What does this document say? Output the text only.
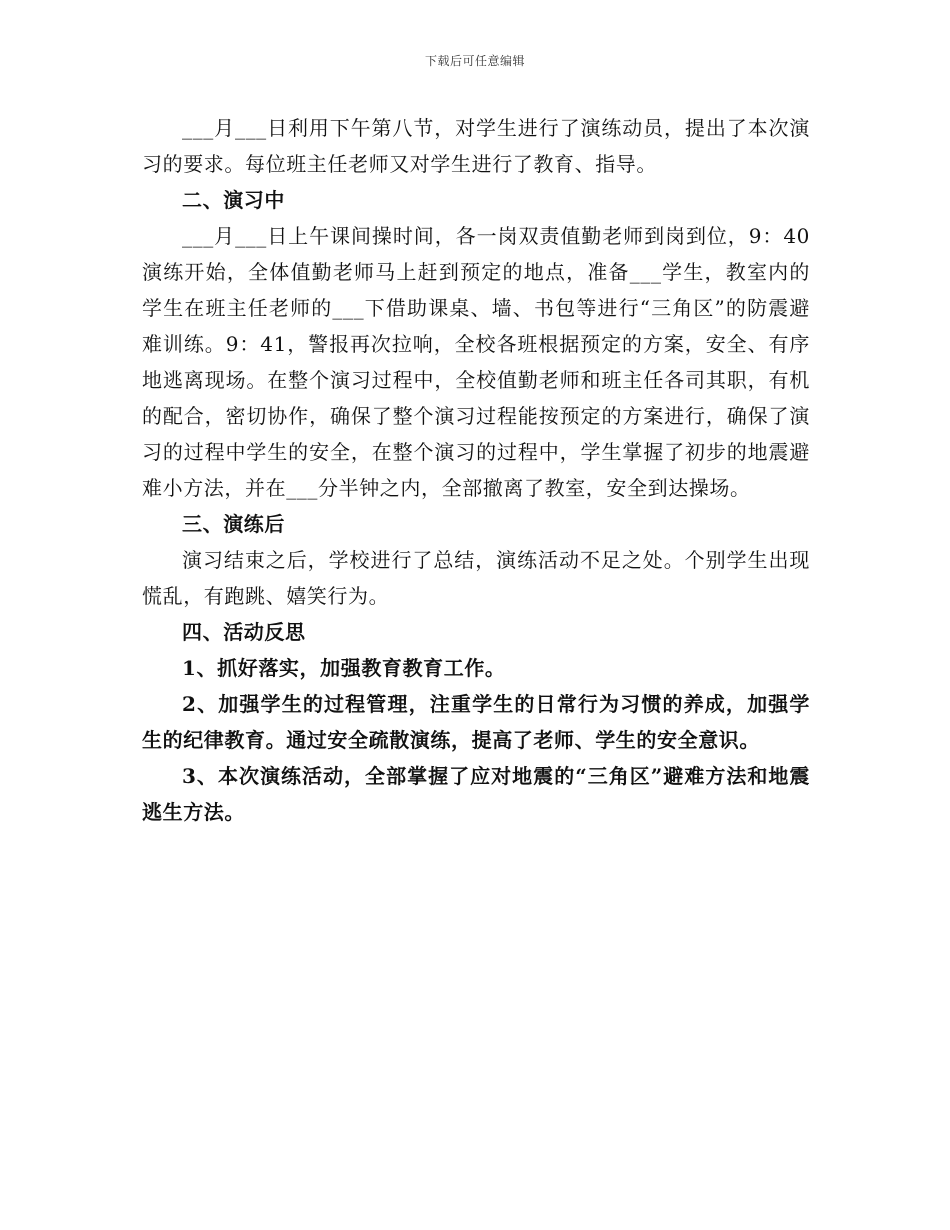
下载后可任意编辑

___月___日利用下午第八节，对学生进行了演练动员，提出了本次演习的要求。每位班主任老师又对学生进行了教育、指导。

二、演习中

___月___日上午课间操时间，各一岗双责值勤老师到岗到位，9：40演练开始，全体值勤老师马上赶到预定的地点，准备___学生，教室内的学生在班主任老师的___下借助课桌、墙、书包等进行“三角区”的防震避难训练。9：41，警报再次拉响，全校各班根据预定的方案，安全、有序地逃离现场。在整个演习过程中，全校值勤老师和班主任各司其职，有机的配合，密切协作，确保了整个演习过程能按预定的方案进行，确保了演习的过程中学生的安全，在整个演习的过程中，学生掌握了初步的地震避难小方法，并在___分半钟之内，全部撤离了教室，安全到达操场。

三、演练后

演习结束之后，学校进行了总结，演练活动不足之处。个别学生出现慌乱，有跑跳、嬉笑行为。

四、活动反思

1、抓好落实，加强教育教育工作。

2、加强学生的过程管理，注重学生的日常行为习惯的养成，加强学生的纪律教育。通过安全疏散演练，提高了老师、学生的安全意识。

3、本次演练活动，全部掌握了应对地震的“三角区”避难方法和地震逃生方法。
